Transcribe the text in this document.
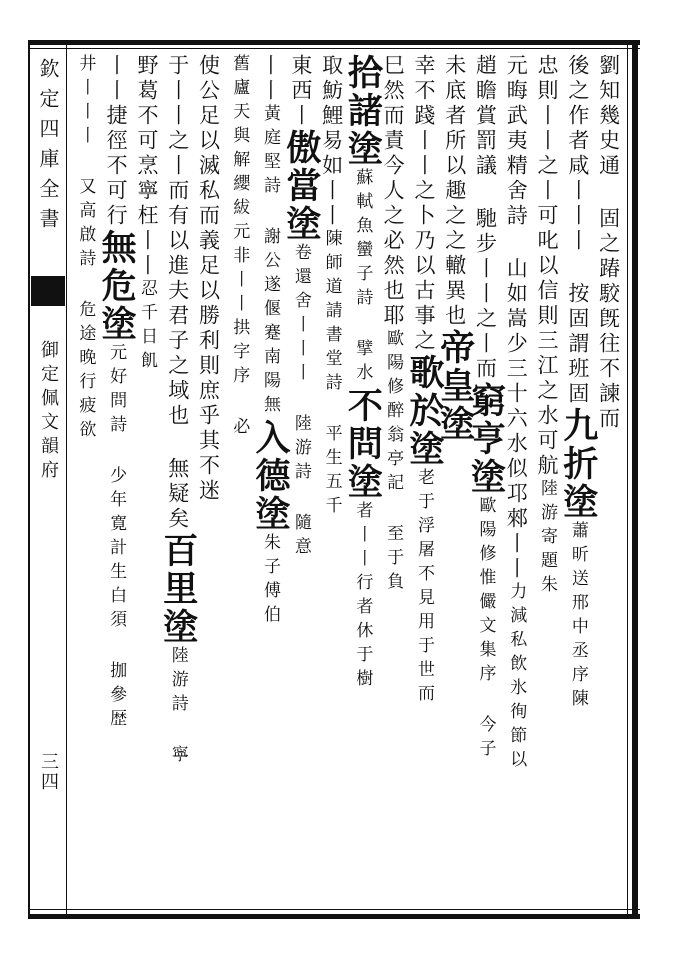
欽定四庫全書  御定佩文韻府
三四
劉知幾史通 固之踳駮旣往不諫而
後之作者咸丨丨丨 按固謂班固九折塗蕭昕送邢中丞序陳
忠則丨丨之丨可叱以信則三江之水可航陸游寄題朱
元晦武夷精舍詩 山如嵩少三十六水似邛郲丨丨力減私飲氷徇節以
趙瞻賞罰議 馳步丨丨之丨而窮亨塗歐陽修惟儼文集序 今子
未底者所以趣之之轍異也帝皇塗
幸不踐丨丨之卜乃以古事之歌於塗老于浮屠不見用于世而
巳然而責今人之必然也耶歐陽修醉翁亭記 至于負
拾諸塗蘇軾魚蠻子詩 擘水不問塗者丨丨行者休于樹
取魴鯉易如丨丨陳師道請書堂詩 平生五千
東西丨傲當塗卷還舍丨丨丨 陸游詩 隨意
丨丨黃庭堅詩 謝公遂偃蹇南陽無入德塗朱子傅伯
舊廬天與解纓紱元非丨丨拱字序 必
使公足以滅私而義足以勝利則庶乎其不迷
于丨丨之丨而有以進夫君子之域也 無疑矣百里塗陸游詩 寧
野葛不可烹寧枉丨丨忍千日飢
丨丨捷徑不可行無危塗元好問詩 少年寛計生白須 拁參歴
井丨丨丨 又高啟詩 危途晚行疲欲
